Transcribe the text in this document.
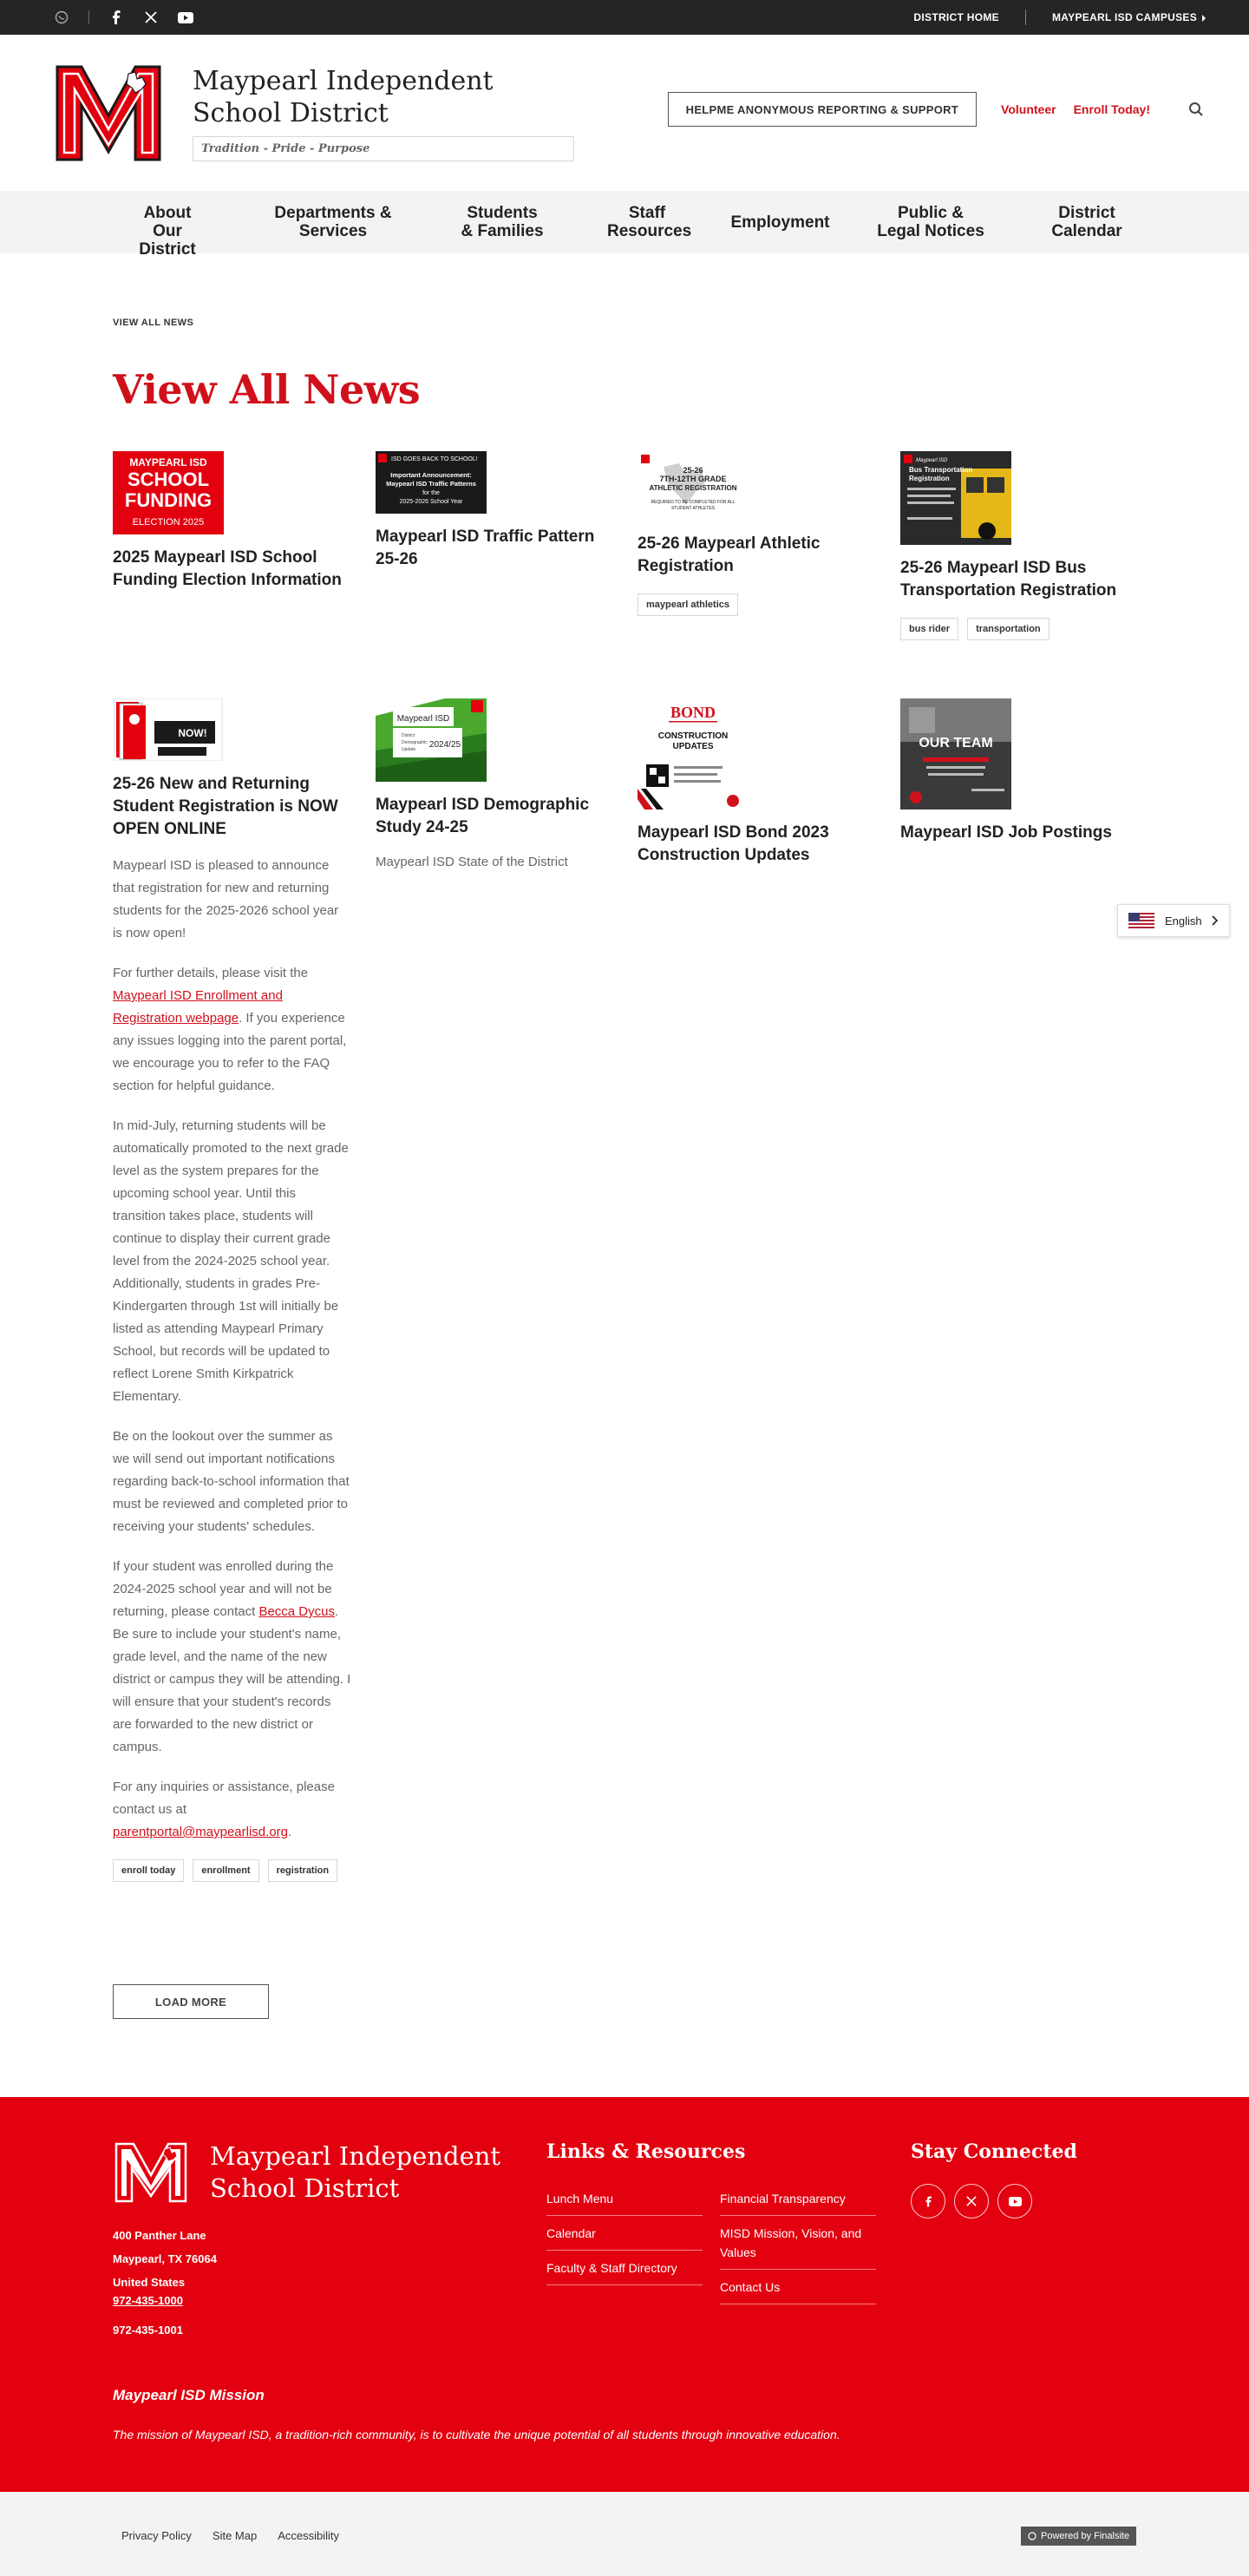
DISTRICT HOME	MAYPEARL ISD CAMPUSES
Maypearl Independent School District
Tradition - Pride - Purpose
HELPME ANONYMOUS REPORTING & SUPPORT	Volunteer Enroll Today!
About Our District
Departments & Services
Students & Families
Staff Resources Employment
Public & Legal Notices
District Calendar
VIEW ALL NEWS
View All News
MAYPEARL ISD
SCHOOL
FUNDING
ELECTION 2025
2025 Maypearl ISD School Funding Election Information
ISD GOES BACK TO SCHOOL!
Important Announcement:
Maypearl ISD Traffic Patterns
for the
2025-2026 School Year
Maypearl ISD Traffic Pattern 25-26
25-26
7TH-12TH GRADE
ATHLETIC REGISTRATION
REQUIRED TO BE COMPLETED FOR ALL
STUDENT ATHLETES
25-26 Maypearl Athletic Registration
maypearl athletics
Maypearl ISD
Bus Transportation
Registration
25-26 Maypearl ISD Bus Transportation Registration
bus rider	transportation
NOW!
25-26 New and Returning Student Registration is NOW OPEN ONLINE

Maypearl ISD is pleased to announce that registration for new and returning students for the 2025-2026 school year is now open!

For further details, please visit the Maypearl ISD Enrollment and Registration webpage. If you experience any issues logging into the parent portal, we encourage you to refer to the FAQ section for helpful guidance.

In mid-July, returning students will be automatically promoted to the next grade level as the system prepares for the upcoming school year. Until this transition takes place, students will continue to display their current grade level from the 2024-2025 school year. Additionally, students in grades Pre-Kindergarten through 1st will initially be listed as attending Maypearl Primary School, but records will be updated to reflect Lorene Smith Kirkpatrick Elementary.

Be on the lookout over the summer as we will send out important notifications regarding back-to-school information that must be reviewed and completed prior to receiving your students' schedules.

If your student was enrolled during the 2024-2025 school year and will not be returning, please contact Becca Dycus. Be sure to include your student's name, grade level, and the name of the new district or campus they will be attending. I will ensure that your student's records are forwarded to the new district or campus.

For any inquiries or assistance, please contact us at parentportal@maypearlisd.org.

enroll today	enrollment	registration
Maypearl ISD
District
Demographic
Update 2024/25
Maypearl ISD Demographic Study 24-25
Maypearl ISD State of the District
BOND
CONSTRUCTION
UPDATES
Maypearl ISD Bond 2023 Construction Updates
OUR TEAM
Maypearl ISD Job Postings
LOAD MORE
English
Maypearl Independent School District
400 Panther Lane
Maypearl, TX 76064
United States
972-435-1000
972-435-1001
Links & Resources
Lunch Menu
Calendar
Faculty & Staff Directory
Financial Transparency
MISD Mission, Vision, and Values
Contact Us
Stay Connected
Maypearl ISD Mission
The mission of Maypearl ISD, a tradition-rich community, is to cultivate the unique potential of all students through innovative education.
Privacy Policy Site Map Accessibility	Powered by Finalsite
